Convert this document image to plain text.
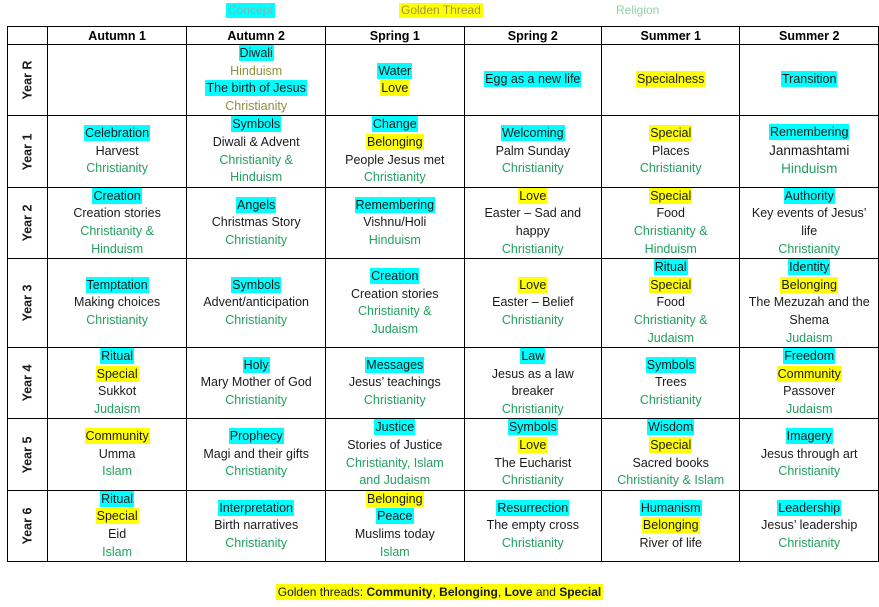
Concept	Golden Thread	Religion
	Autumn 1	Autumn 2	Spring 1	Spring 2	Summer 1	Summer 2
Year R		Diwali
Hinduism
The birth of Jesus
Christianity	Water
Love	Egg as a new life	Specialness	Transition

Year 1	Celebration
Harvest
Christianity	Symbols
Diwali & Advent
Christianity &
Hinduism	Change
Belonging
People Jesus met
Christianity	Welcoming
Palm Sunday
Christianity	Special
Places
Christianity	Remembering
Janmashtami
Hinduism

Year 2	Creation
Creation stories
Christianity &
Hinduism	Angels
Christmas Story
Christianity	Remembering
Vishnu/Holi
Hinduism	Love
Easter – Sad and
happy
Christianity	Special
Food
Christianity &
Hinduism	Authority
Key events of Jesus’
life
Christianity

Year 3	Temptation
Making choices
Christianity	Symbols
Advent/anticipation
Christianity	Creation
Creation stories
Christianity &
Judaism	Love
Easter – Belief
Christianity	Ritual
Special
Food
Christianity &
Judaism	Identity
Belonging
The Mezuzah and the
Shema
Judaism

Year 4	Ritual
Special
Sukkot
Judaism	Holy
Mary Mother of God
Christianity	Messages
Jesus’ teachings
Christianity	Law
Jesus as a law
breaker
Christianity	Symbols
Trees
Christianity	Freedom
Community
Passover
Judaism

Year 5	Community
Umma
Islam	Prophecy
Magi and their gifts
Christianity	Justice
Stories of Justice
Christianity, Islam
and Judaism	Symbols
Love
The Eucharist
Christianity	Wisdom
Special
Sacred books
Christianity & Islam	Imagery
Jesus through art
Christianity

Year 6	Ritual
Special
Eid
Islam	Interpretation
Birth narratives
Christianity	Belonging
Peace
Muslims today
Islam	Resurrection
The empty cross
Christianity	Humanism
Belonging
River of life	Leadership
Jesus’ leadership
Christianity
Golden threads: Community, Belonging, Love and Special
